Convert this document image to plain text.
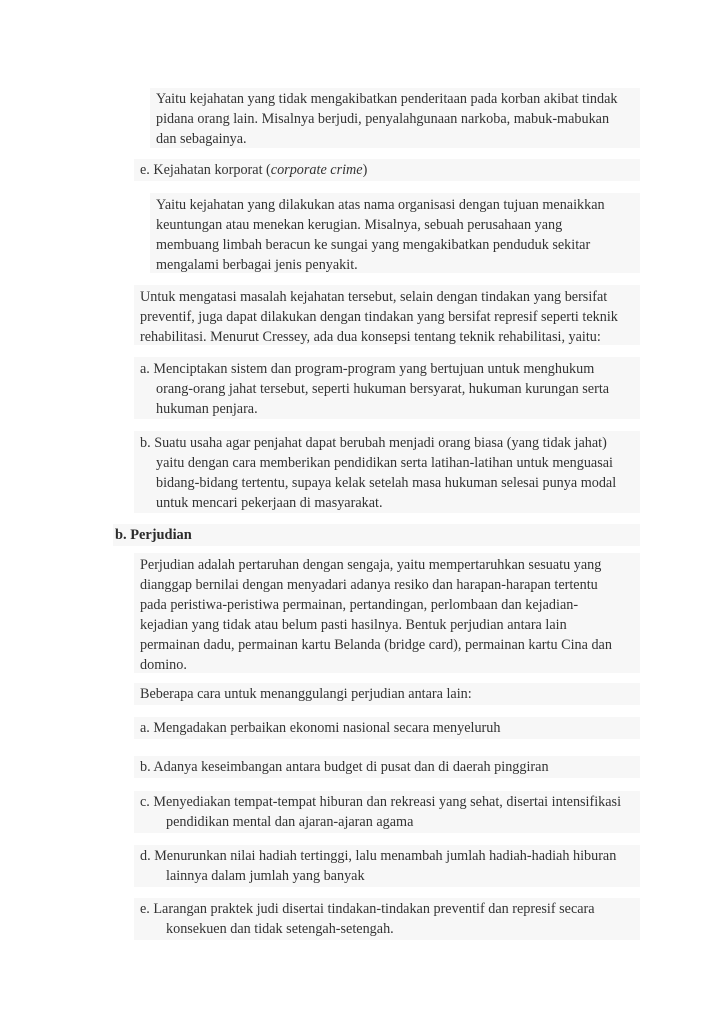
Yaitu kejahatan yang tidak mengakibatkan penderitaan pada korban akibat tindak
pidana orang lain. Misalnya berjudi, penyalahgunaan narkoba, mabuk-mabukan
dan sebagainya.
e. Kejahatan korporat (corporate crime)
Yaitu kejahatan yang dilakukan atas nama organisasi dengan tujuan menaikkan
keuntungan atau menekan kerugian. Misalnya, sebuah perusahaan yang
membuang limbah beracun ke sungai yang mengakibatkan penduduk sekitar
mengalami berbagai jenis penyakit.
Untuk mengatasi masalah kejahatan tersebut, selain dengan tindakan yang bersifat
preventif, juga dapat dilakukan dengan tindakan yang bersifat represif seperti teknik
rehabilitasi. Menurut Cressey, ada dua konsepsi tentang teknik rehabilitasi, yaitu:
a. Menciptakan sistem dan program-program yang bertujuan untuk menghukum
orang-orang jahat tersebut, seperti hukuman bersyarat, hukuman kurungan serta
hukuman penjara.
b. Suatu usaha agar penjahat dapat berubah menjadi orang biasa (yang tidak jahat)
yaitu dengan cara memberikan pendidikan serta latihan-latihan untuk menguasai
bidang-bidang tertentu, supaya kelak setelah masa hukuman selesai punya modal
untuk mencari pekerjaan di masyarakat.
b. Perjudian
Perjudian adalah pertaruhan dengan sengaja, yaitu mempertaruhkan sesuatu yang
dianggap bernilai dengan menyadari adanya resiko dan harapan-harapan tertentu
pada peristiwa-peristiwa permainan, pertandingan, perlombaan dan kejadian-
kejadian yang tidak atau belum pasti hasilnya. Bentuk perjudian antara lain
permainan dadu, permainan kartu Belanda (bridge card), permainan kartu Cina dan
domino.
Beberapa cara untuk menanggulangi perjudian antara lain:
a. Mengadakan perbaikan ekonomi nasional secara menyeluruh
b. Adanya keseimbangan antara budget di pusat dan di daerah pinggiran
c. Menyediakan tempat-tempat hiburan dan rekreasi yang sehat, disertai intensifikasi
pendidikan mental dan ajaran-ajaran agama
d. Menurunkan nilai hadiah tertinggi, lalu menambah jumlah hadiah-hadiah hiburan
lainnya dalam jumlah yang banyak
e. Larangan praktek judi disertai tindakan-tindakan preventif dan represif secara
konsekuen dan tidak setengah-setengah.
